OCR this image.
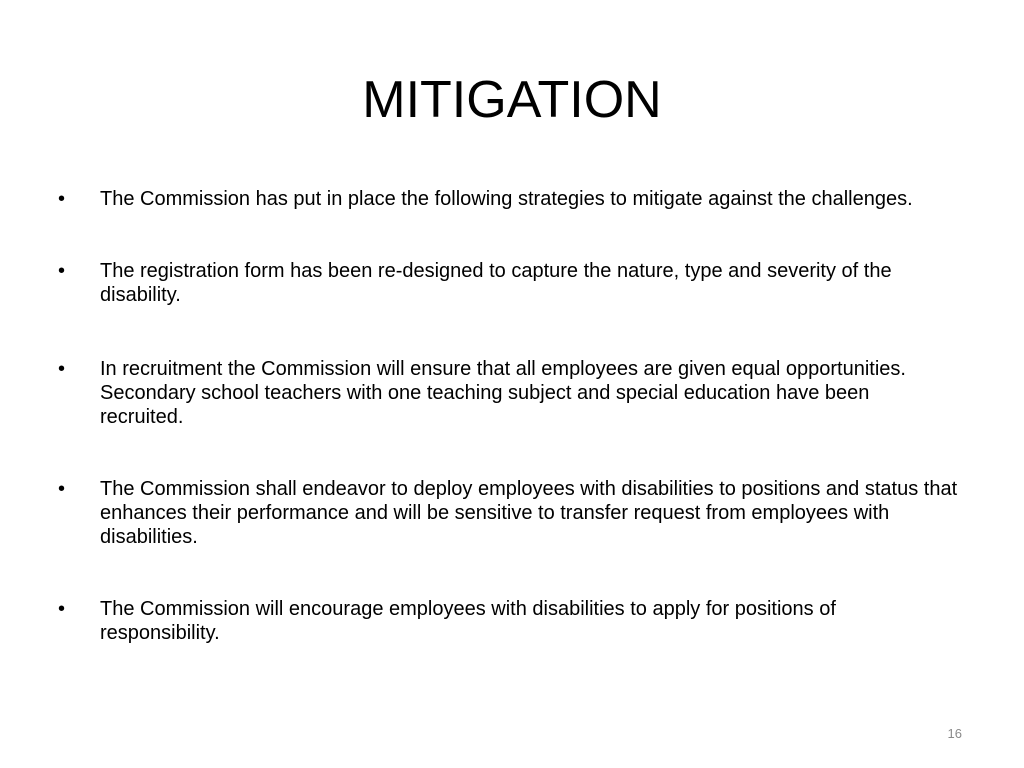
MITIGATION
• The Commission has put in place the following strategies to mitigate against the challenges.
• The registration form has been re-designed to capture the nature, type and severity of the disability.
• In recruitment the Commission will ensure that all employees are given equal opportunities. Secondary school teachers with one teaching subject and special education have been recruited.
• The Commission shall endeavor to deploy employees with disabilities to positions and status that enhances their performance and will be sensitive to transfer request from employees with disabilities.
• The Commission will encourage employees with disabilities to apply for positions of responsibility.
16
